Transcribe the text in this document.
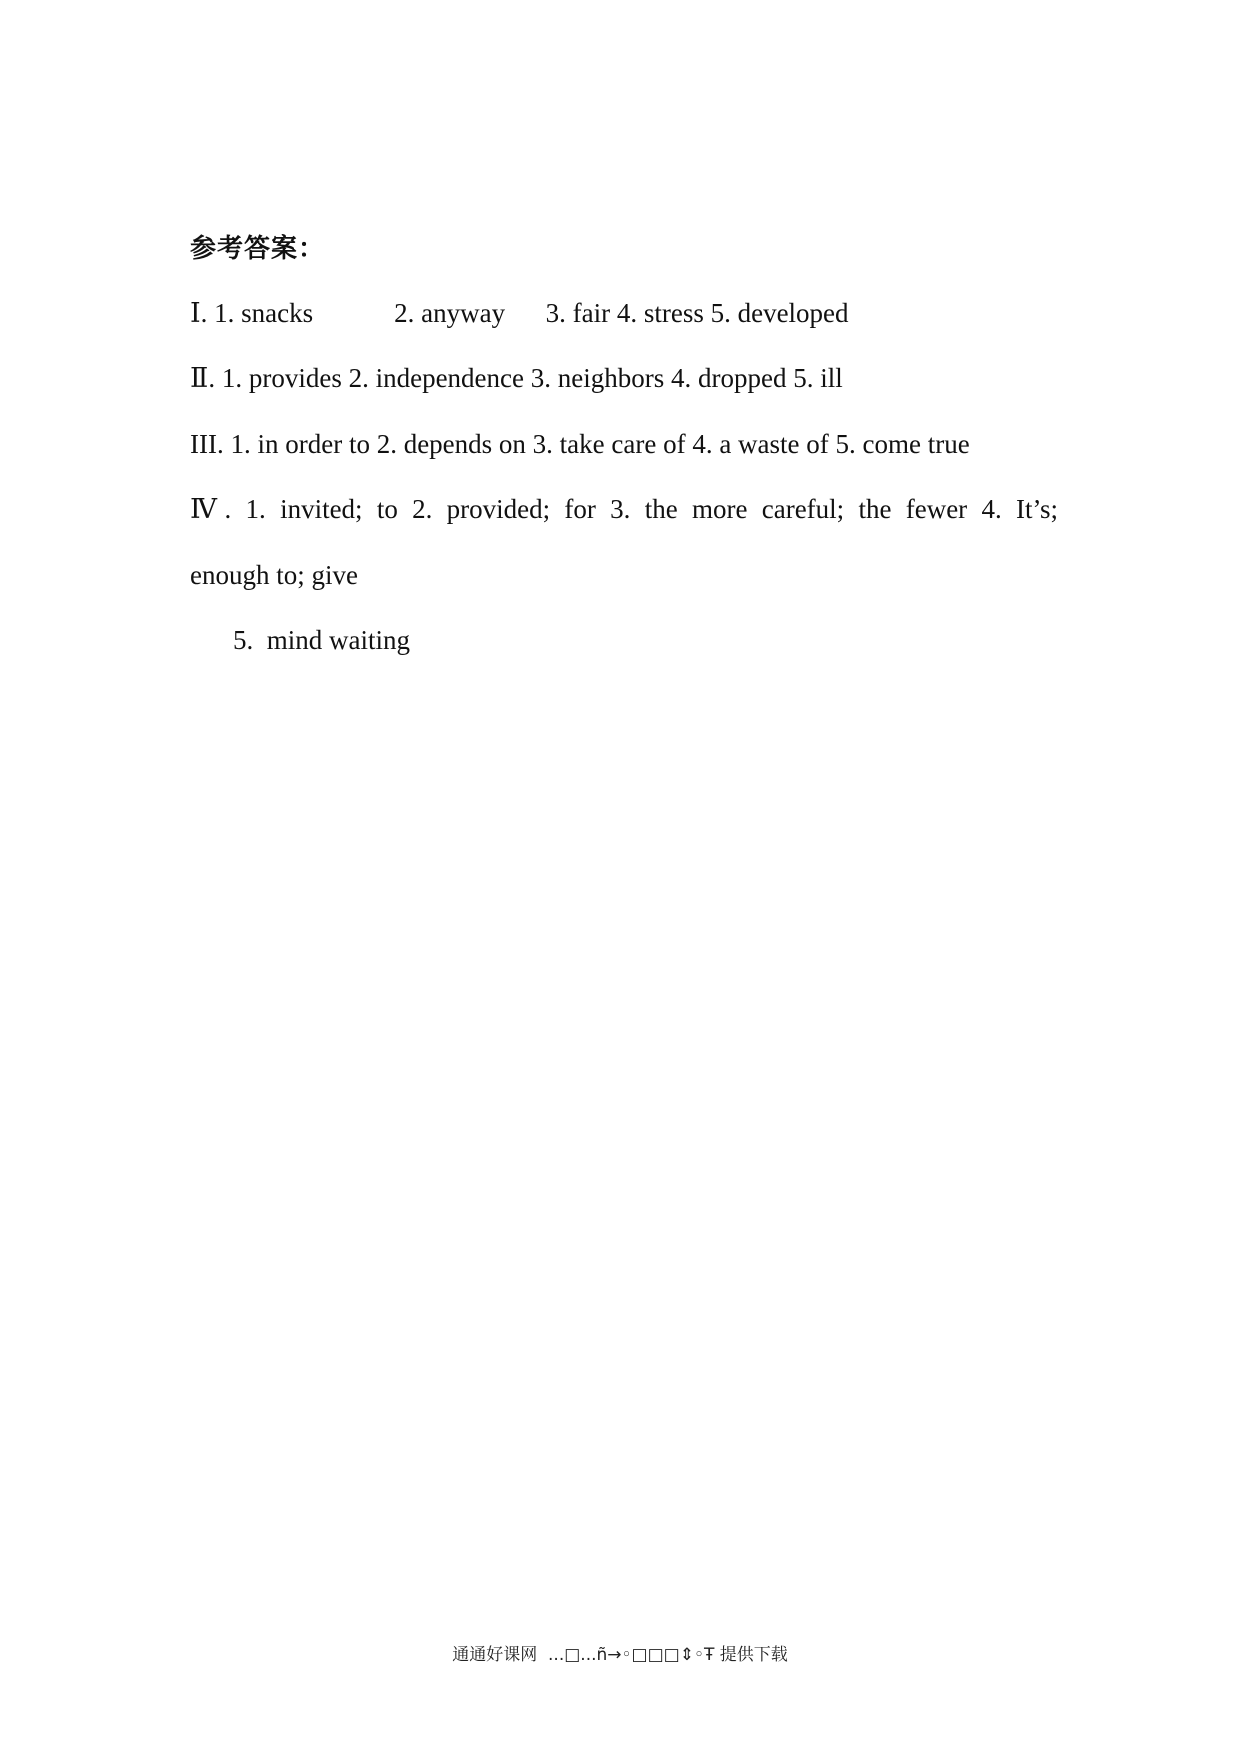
参考答案：
Ⅰ. 1. snacks            2. anyway      3. fair 4. stress 5. developed
Ⅱ. 1. provides 2. independence 3. neighbors 4. dropped 5. ill
III. 1. in order to 2. depends on 3. take care of 4. a waste of 5. come true
Ⅳ. 1. invited; to 2. provided; for 3. the more careful; the fewer 4. It’s;
enough to; give
5.  mind waiting
通通好课网  ...□...ñ→◦□□□⇕◦Ŧ 提供下载
